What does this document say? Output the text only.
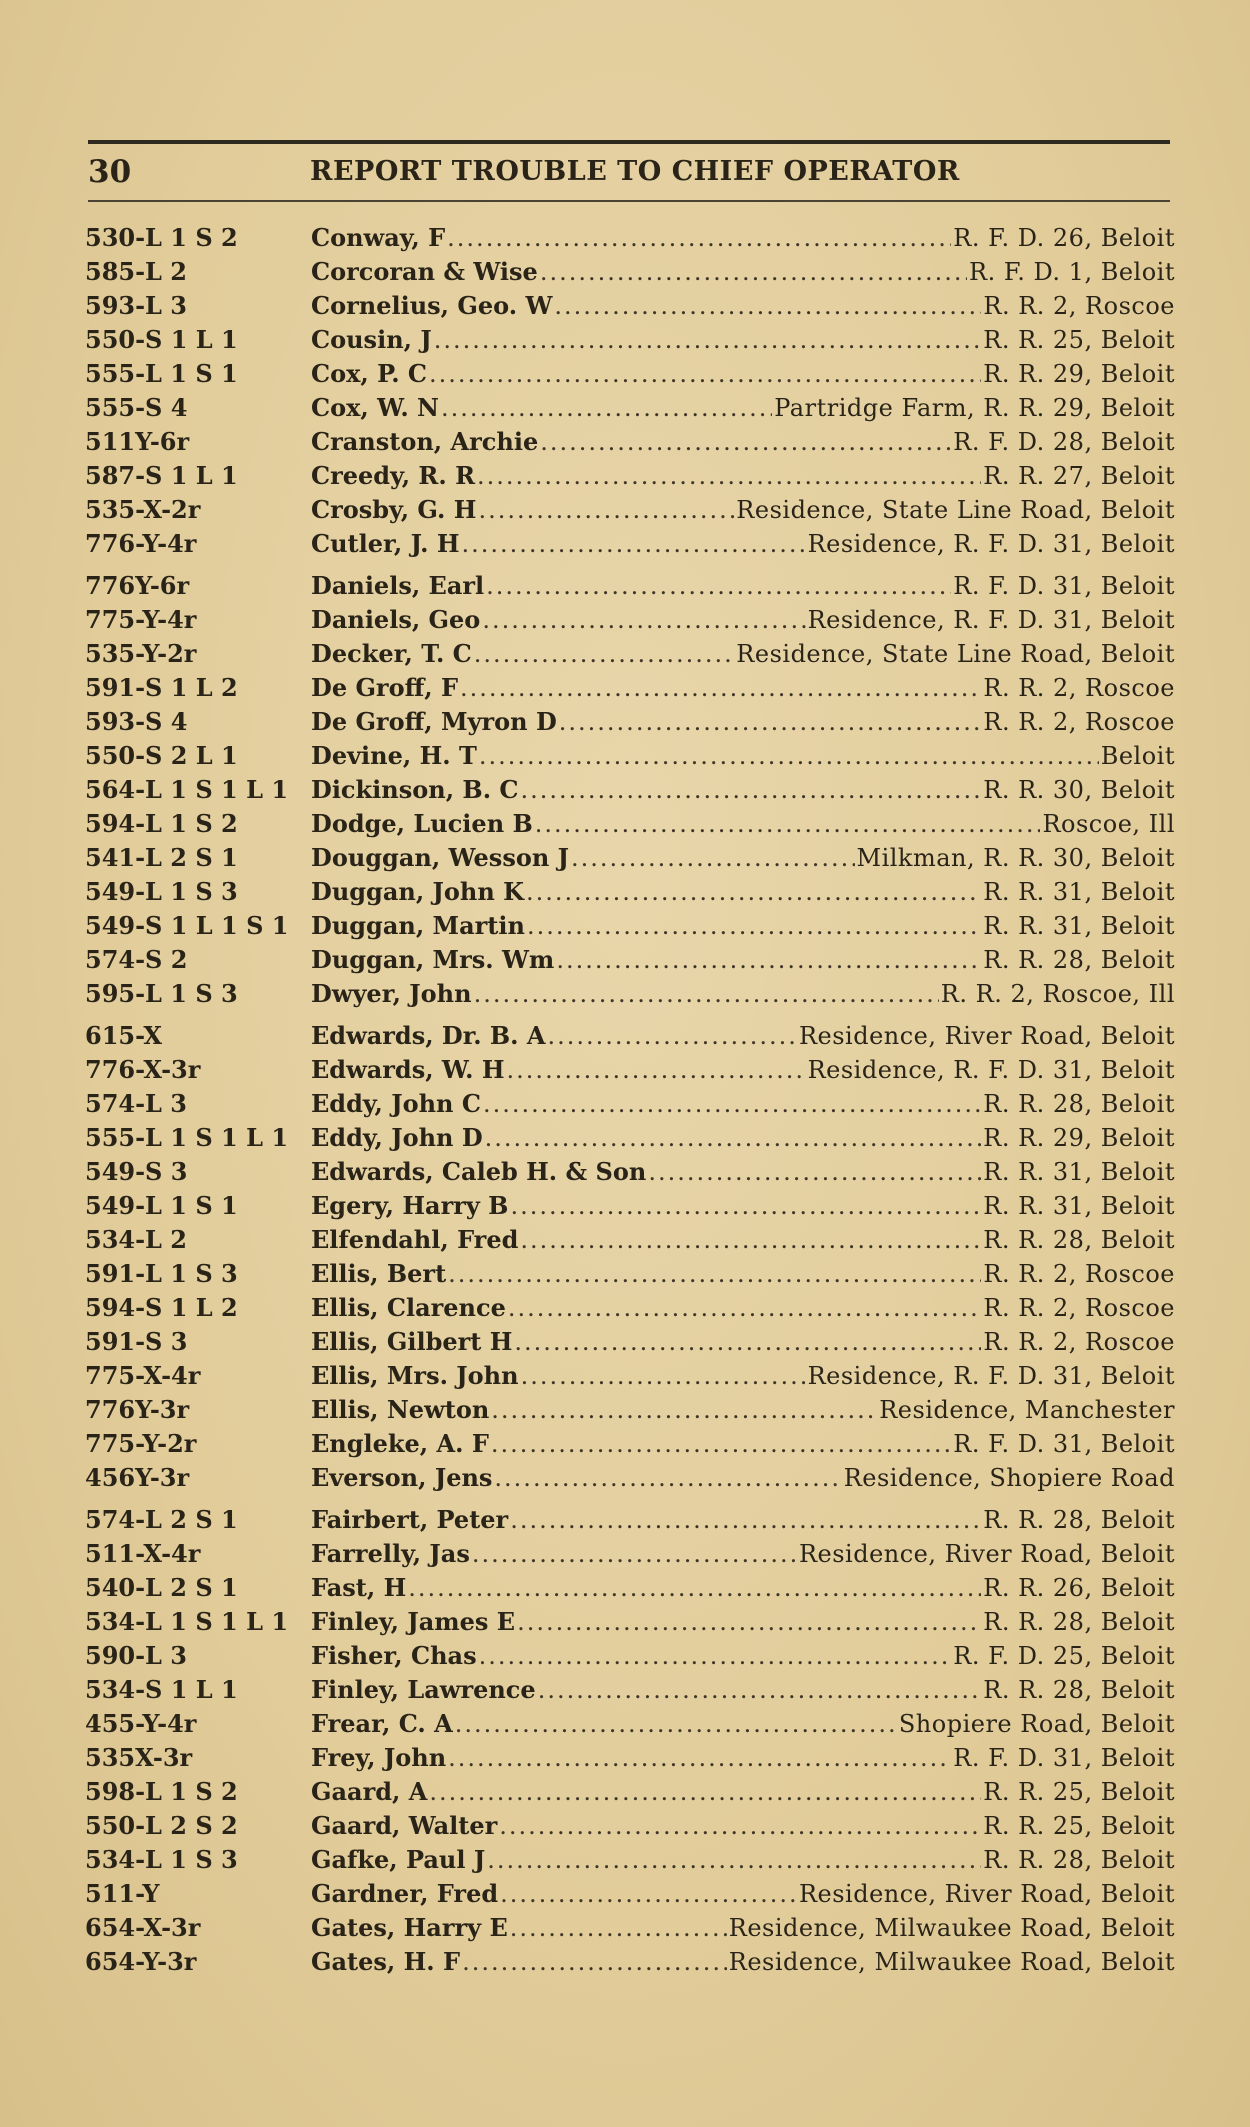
30	REPORT TROUBLE TO CHIEF OPERATOR
530-L 1 S 2	Conway, F .....	R. F. D. 26, Beloit
585-L 2	Corcoran & Wise .....	R. F. D. 1, Beloit
593-L 3	Cornelius, Geo. W .....	R. R. 2, Roscoe
550-S 1 L 1	Cousin, J .....	R. R. 25, Beloit
555-L 1 S 1	Cox, P. C .....	R. R. 29, Beloit
555-S 4	Cox, W. N .....	Partridge Farm, R. R. 29, Beloit
511Y-6r	Cranston, Archie .....	R. F. D. 28, Beloit
587-S 1 L 1	Creedy, R. R .....	R. R. 27, Beloit
535-X-2r	Crosby, G. H .....	Residence, State Line Road, Beloit
776-Y-4r	Cutler, J. H .....	Residence, R. F. D. 31, Beloit
776Y-6r	Daniels, Earl .....	R. F. D. 31, Beloit
775-Y-4r	Daniels, Geo .....	Residence, R. F. D. 31, Beloit
535-Y-2r	Decker, T. C .....	Residence, State Line Road, Beloit
591-S 1 L 2	De Groff, F .....	R. R. 2, Roscoe
593-S 4	De Groff, Myron D .....	R. R. 2, Roscoe
550-S 2 L 1	Devine, H. T .....	Beloit
564-L 1 S 1 L 1 Dickinson, B. C .....	R. R. 30, Beloit
594-L 1 S 2	Dodge, Lucien B .....	Roscoe, Ill
541-L 2 S 1	Douggan, Wesson J .....	Milkman, R. R. 30, Beloit
549-L 1 S 3	Duggan, John K .....	R. R. 31, Beloit
549-S 1 L 1 S 1 Duggan, Martin .....	R. R. 31, Beloit
574-S 2	Duggan, Mrs. Wm .....	R. R. 28, Beloit
595-L 1 S 3	Dwyer, John .....	R. R. 2, Roscoe, Ill
615-X	Edwards, Dr. B. A .....	Residence, River Road, Beloit
776-X-3r	Edwards, W. H .....	Residence, R. F. D. 31, Beloit
574-L 3	Eddy, John C .....	R. R. 28, Beloit
555-L 1 S 1 L 1 Eddy, John D .....	R. R. 29, Beloit
549-S 3	Edwards, Caleb H. & Son .....	R. R. 31, Beloit
549-L 1 S 1	Egery, Harry B .....	R. R. 31, Beloit
534-L 2	Elfendahl, Fred .....	R. R. 28, Beloit
591-L 1 S 3	Ellis, Bert .....	R. R. 2, Roscoe
594-S 1 L 2	Ellis, Clarence .....	R. R. 2, Roscoe
591-S 3	Ellis, Gilbert H .....	R. R. 2, Roscoe
775-X-4r	Ellis, Mrs. John .....	Residence, R. F. D. 31, Beloit
776Y-3r	Ellis, Newton .....	Residence, Manchester
775-Y-2r	Engleke, A. F .....	R. F. D. 31, Beloit
456Y-3r	Everson, Jens .....	Residence, Shopiere Road
574-L 2 S 1	Fairbert, Peter .....	R. R. 28, Beloit
511-X-4r	Farrelly, Jas .....	Residence, River Road, Beloit
540-L 2 S 1	Fast, H .....	R. R. 26, Beloit
534-L 1 S 1 L 1 Finley, James E .....	R. R. 28, Beloit
590-L 3	Fisher, Chas .....	R. F. D. 25, Beloit
534-S 1 L 1	Finley, Lawrence .....	R. R. 28, Beloit
455-Y-4r	Frear, C. A .....	Shopiere Road, Beloit
535X-3r	Frey, John .....	R. F. D. 31, Beloit
598-L 1 S 2	Gaard, A .....	R. R. 25, Beloit
550-L 2 S 2	Gaard, Walter .....	R. R. 25, Beloit
534-L 1 S 3	Gafke, Paul J .....	R. R. 28, Beloit
511-Y	Gardner, Fred .....	Residence, River Road, Beloit
654-X-3r	Gates, Harry E .....	Residence, Milwaukee Road, Beloit
654-Y-3r	Gates, H. F .....	Residence, Milwaukee Road, Beloit
